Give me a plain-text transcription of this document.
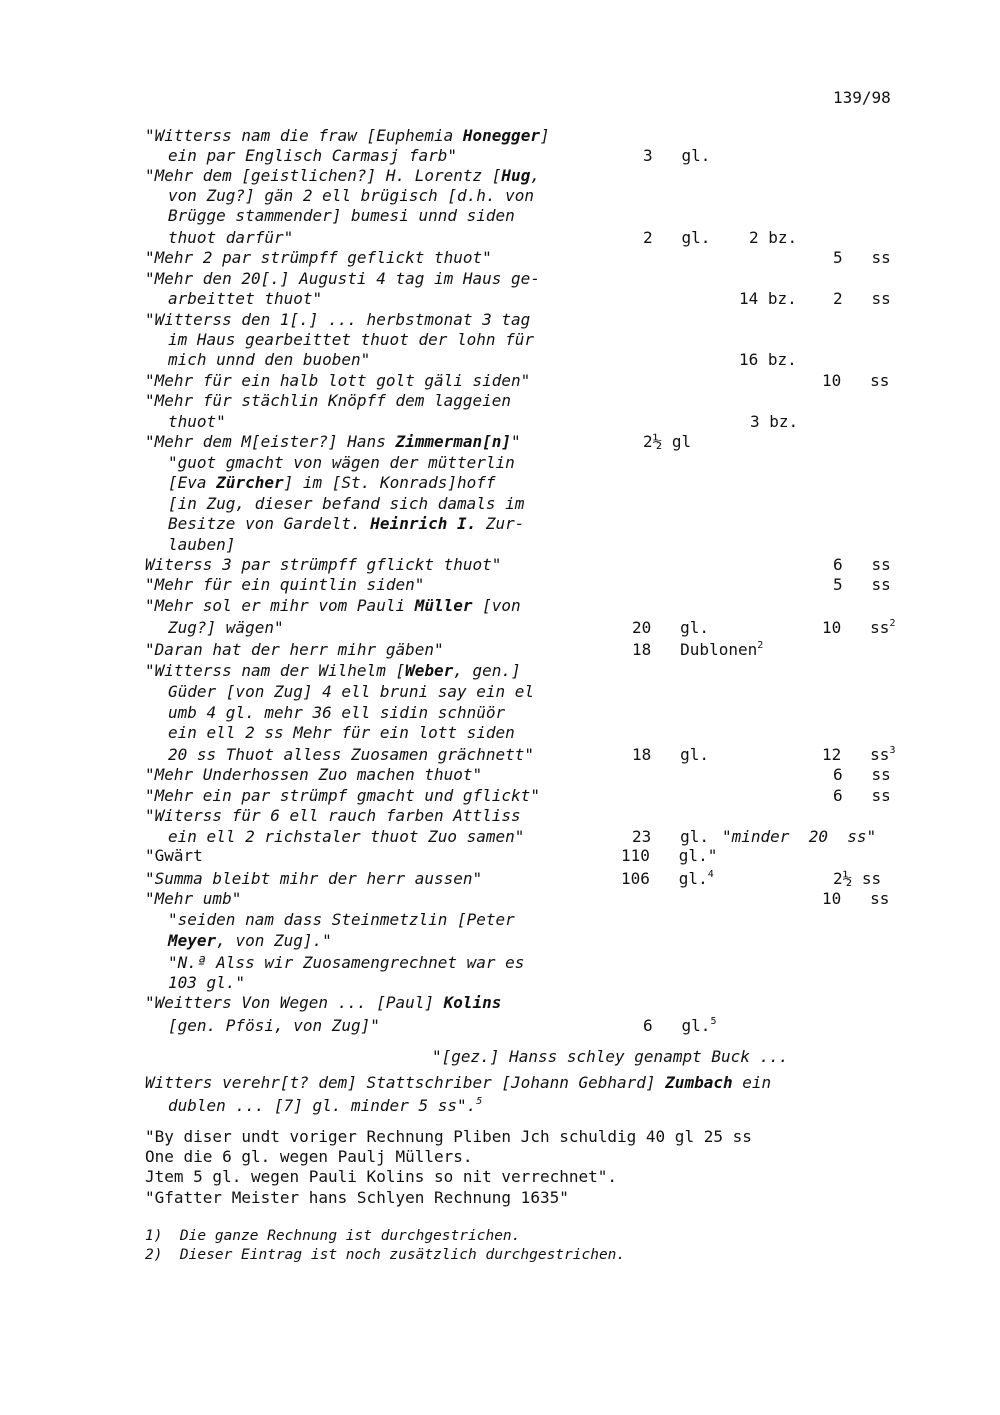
139/98
"Witterss nam die fraw [Euphemia Honegger]
ein par Englisch Carmasj farb"	3   gl.
"Mehr dem [geistlichen?] H. Lorentz [Hug,
von Zug?] gän 2 ell brügisch [d.h. von
Brügge stammender] bumesi unnd siden
thuot darfür"	2   gl.    2 bz.
"Mehr 2 par strümpff geflickt thuot"	5   ss
"Mehr den 20[.] Augusti 4 tag im Haus ge-
arbeittet thuot"	14 bz. 2   ss
"Witterss den 1[.] ... herbstmonat 3 tag
im Haus gearbeittet thuot der lohn für
mich unnd den buoben"	16 bz.
"Mehr für ein halb lott golt gäli siden"	10   ss
"Mehr für stächlin Knöpff dem laggeien
thuot"	3 bz.
"Mehr dem M[eister?] Hans Zimmerman[n]"	2½ gl
"guot gmacht von wägen der mütterlin
[Eva Zürcher] im [St. Konrads]hoff
[in Zug, dieser befand sich damals im
Besitze von Gardelt. Heinrich I. Zur-
lauben]
Witerss 3 par strümpff gflickt thuot"	6   ss
"Mehr für ein quintlin siden"	5   ss
"Mehr sol er mihr vom Pauli Müller [von
Zug?] wägen"	20   gl.	10   $ss^2$
"Daran hat der herr mihr gäben"	18   Dublonen$^2$
"Witterss nam der Wilhelm [Weber, gen.]
Güder [von Zug] 4 ell bruni say ein el
umb 4 gl. mehr 36 ell sidin schnüör
ein ell 2 ss Mehr für ein lott siden
20 ss Thuot alless Zuosamen grächnett"	18   gl.	12   $ss^3$
"Mehr Underhossen Zuo machen thuot"	6   ss
"Mehr ein par strümpf gmacht und gflickt"	6   ss
"Witerss für 6 ell rauch farben Attliss
ein ell 2 richstaler thuot Zuo samen"	23   gl. "minder  20  ss"
"Gwärt	110   gl."
"Summa bleibt mihr der herr aussen"	106   gl.$^4$	2½ ss
"Mehr umb"	10   ss
"seiden nam dass Steinmetzlin [Peter
Meyer, von Zug]."
"N.ª Alss wir Zuosamengrechnet war es
103 gl."
"Weitters Von Wegen ... [Paul] Kolins
[gen. Pfösi, von Zug]"	6   gl.$^5$
"[gez.] Hanss schley genampt Buck ...
Witters verehr[t? dem] Stattschriber [Johann Gebhard] Zumbach ein
dublen ... [7] gl. minder 5 ss".$^5$
"By diser undt voriger Rechnung Pliben Jch schuldig 40 gl 25 ss
One die 6 gl. wegen Paulj Müllers.
Jtem 5 gl. wegen Pauli Kolins so nit verrechnet".
"Gfatter Meister hans Schlyen Rechnung 1635"
1)  Die ganze Rechnung ist durchgestrichen.
2)  Dieser Eintrag ist noch zusätzlich durchgestrichen.
